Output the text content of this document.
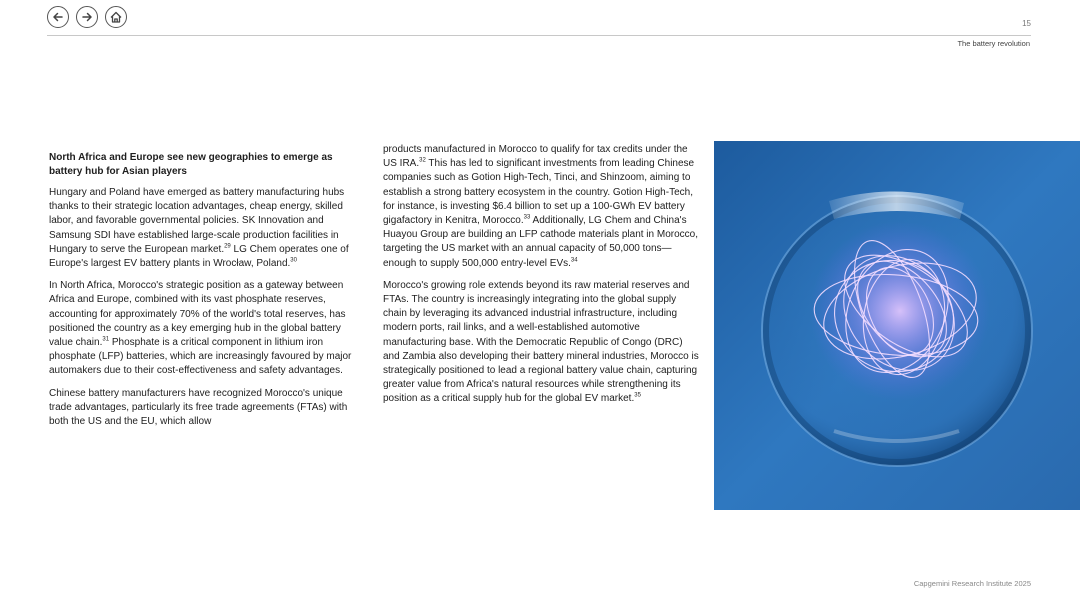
15
The battery revolution
North Africa and Europe see new geographies to emerge as battery hub for Asian players

Hungary and Poland have emerged as battery manufacturing hubs thanks to their strategic location advantages, cheap energy, skilled labor, and favorable governmental policies. SK Innovation and Samsung SDI have established large-scale production facilities in Hungary to serve the European market.$^{29}$ LG Chem operates one of Europe's largest EV battery plants in Wrocław, Poland.$^{30}$

In North Africa, Morocco's strategic position as a gateway between Africa and Europe, combined with its vast phosphate reserves, accounting for approximately 70% of the world's total reserves, has positioned the country as a key emerging hub in the global battery value chain.$^{31}$ Phosphate is a critical component in lithium iron phosphate (LFP) batteries, which are increasingly favoured by major automakers due to their cost-effectiveness and safety advantages.

Chinese battery manufacturers have recognized Morocco's unique trade advantages, particularly its free trade agreements (FTAs) with both the US and the EU, which allow

products manufactured in Morocco to qualify for tax credits under the US IRA.$^{32}$ This has led to significant investments from leading Chinese companies such as Gotion High-Tech, Tinci, and Shinzoom, aiming to establish a strong battery ecosystem in the country. Gotion High-Tech, for instance, is investing $6.4 billion to set up a 100-GWh EV battery gigafactory in Kenitra, Morocco.$^{33}$ Additionally, LG Chem and China's Huayou Group are building an LFP cathode materials plant in Morocco, targeting the US market with an annual capacity of 50,000 tons—enough to supply 500,000 entry-level EVs.$^{34}$

Morocco's growing role extends beyond its raw material reserves and FTAs. The country is increasingly integrating into the global supply chain by leveraging its advanced industrial infrastructure, including modern ports, rail links, and a well-established automotive manufacturing base. With the Democratic Republic of Congo (DRC) and Zambia also developing their battery mineral industries, Morocco is strategically positioned to lead a regional battery value chain, capturing greater value from Africa's natural resources while strengthening its position as a critical supply hub for the global EV market.$^{35}$

Capgemini Research Institute 2025
